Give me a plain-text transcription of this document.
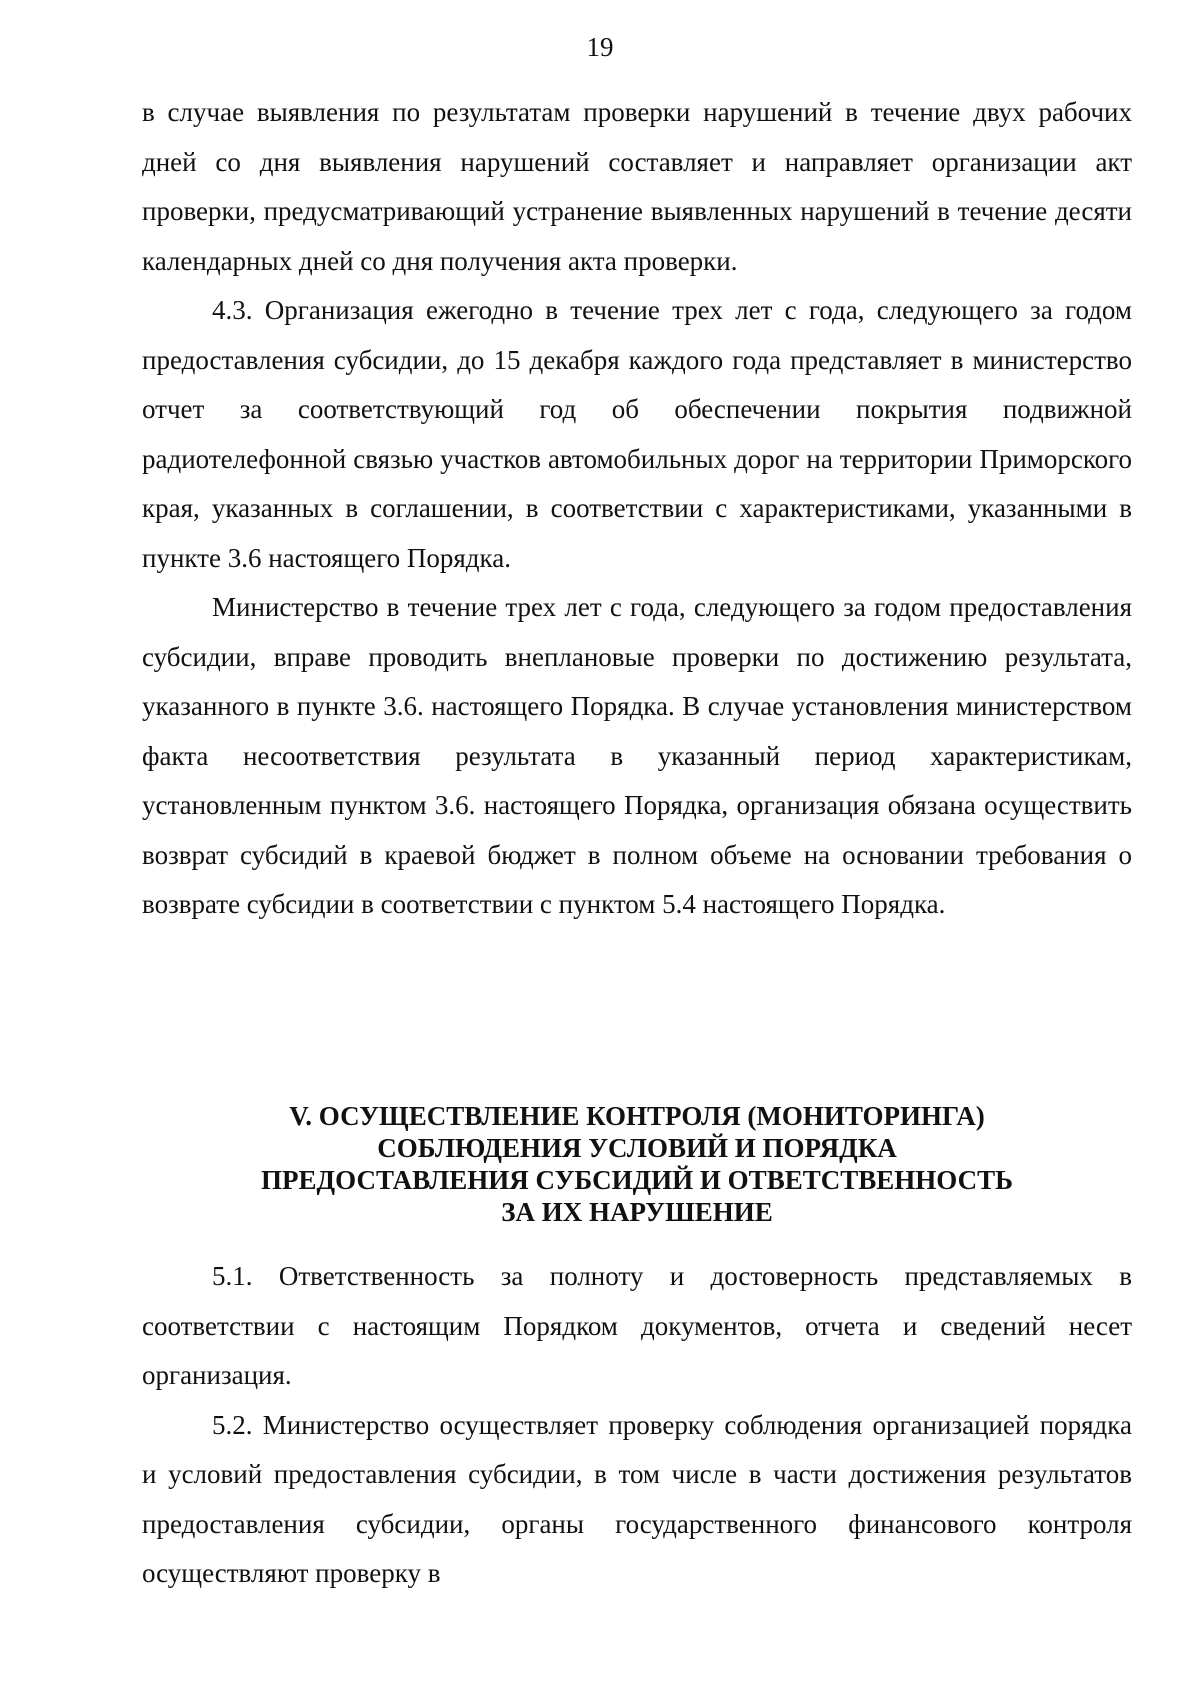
19

в случае выявления по результатам проверки нарушений в течение двух рабочих дней со дня выявления нарушений составляет и направляет организации акт проверки, предусматривающий устранение выявленных нарушений в течение десяти календарных дней со дня получения акта проверки.

4.3. Организация ежегодно в течение трех лет с года, следующего за годом предоставления субсидии, до 15 декабря каждого года представляет в министерство отчет за соответствующий год об обеспечении покрытия подвижной радиотелефонной связью участков автомобильных дорог на территории Приморского края, указанных в соглашении, в соответствии с характеристиками, указанными в пункте 3.6 настоящего Порядка.

Министерство в течение трех лет с года, следующего за годом предоставления субсидии, вправе проводить внеплановые проверки по достижению результата, указанного в пункте 3.6. настоящего Порядка. В случае установления министерством факта несоответствия результата в указанный период характеристикам, установленным пунктом 3.6. настоящего Порядка, организация обязана осуществить возврат субсидий в краевой бюджет в полном объеме на основании требования о возврате субсидии в соответствии с пунктом 5.4 настоящего Порядка.

V. ОСУЩЕСТВЛЕНИЕ КОНТРОЛЯ (МОНИТОРИНГА)
СОБЛЮДЕНИЯ УСЛОВИЙ И ПОРЯДКА
ПРЕДОСТАВЛЕНИЯ СУБСИДИЙ И ОТВЕТСТВЕННОСТЬ
ЗА ИХ НАРУШЕНИЕ

5.1. Ответственность за полноту и достоверность представляемых в соответствии с настоящим Порядком документов, отчета и сведений несет организация.

5.2. Министерство осуществляет проверку соблюдения организацией порядка и условий предоставления субсидии, в том числе в части достижения результатов предоставления субсидии, органы государственного финансового контроля осуществляют проверку в
